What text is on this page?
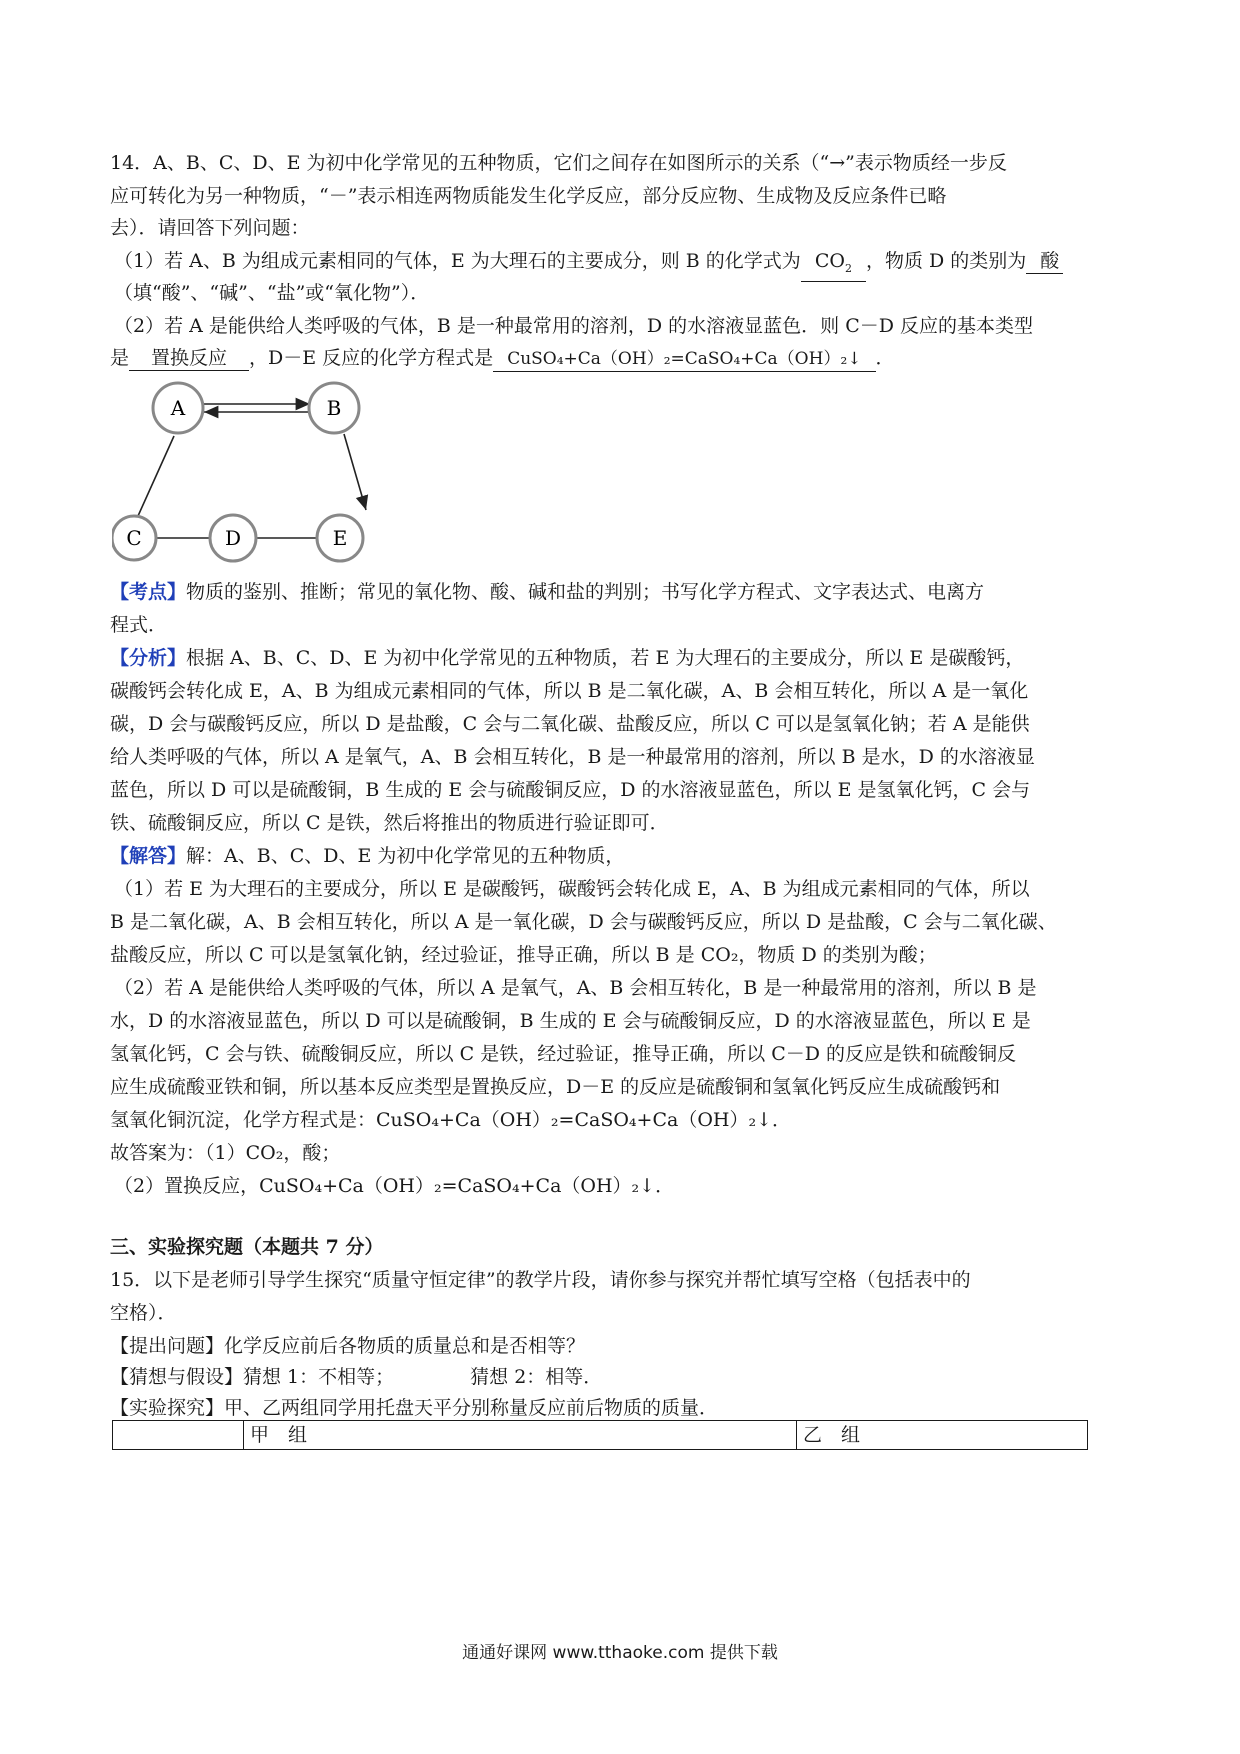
14．A、B、C、D、E 为初中化学常见的五种物质，它们之间存在如图所示的关系（“→”表示物质经一步反
应可转化为另一种物质，“－”表示相连两物质能发生化学反应，部分反应物、生成物及反应条件已略
去）．请回答下列问题：
（1）若 A、B 为组成元素相同的气体，E 为大理石的主要成分，则 B 的化学式为 $CO_2$ ，物质 D 的类别为 酸
（填“酸”、“碱”、“盐”或“氧化物”）．
（2）若 A 是能供给人类呼吸的气体，B 是一种最常用的溶剂，D 的水溶液显蓝色．则 C－D 反应的基本类型
是 置换反应 ，D－E 反应的化学方程式是 CuSO₄+Ca（OH）₂=CaSO₄+Ca（OH）₂↓ ．
A	B
C	D	E
【考点】物质的鉴别、推断；常见的氧化物、酸、碱和盐的判别；书写化学方程式、文字表达式、电离方
程式．
【分析】根据 A、B、C、D、E 为初中化学常见的五种物质，若 E 为大理石的主要成分，所以 E 是碳酸钙，
碳酸钙会转化成 E，A、B 为组成元素相同的气体，所以 B 是二氧化碳，A、B 会相互转化，所以 A 是一氧化
碳，D 会与碳酸钙反应，所以 D 是盐酸，C 会与二氧化碳、盐酸反应，所以 C 可以是氢氧化钠；若 A 是能供
给人类呼吸的气体，所以 A 是氧气，A、B 会相互转化，B 是一种最常用的溶剂，所以 B 是水，D 的水溶液显
蓝色，所以 D 可以是硫酸铜，B 生成的 E 会与硫酸铜反应，D 的水溶液显蓝色，所以 E 是氢氧化钙，C 会与
铁、硫酸铜反应，所以 C 是铁，然后将推出的物质进行验证即可．
【解答】解：A、B、C、D、E 为初中化学常见的五种物质，
（1）若 E 为大理石的主要成分，所以 E 是碳酸钙，碳酸钙会转化成 E，A、B 为组成元素相同的气体，所以
B 是二氧化碳，A、B 会相互转化，所以 A 是一氧化碳，D 会与碳酸钙反应，所以 D 是盐酸，C 会与二氧化碳、
盐酸反应，所以 C 可以是氢氧化钠，经过验证，推导正确，所以 B 是 CO₂，物质 D 的类别为酸；
（2）若 A 是能供给人类呼吸的气体，所以 A 是氧气，A、B 会相互转化，B 是一种最常用的溶剂，所以 B 是
水，D 的水溶液显蓝色，所以 D 可以是硫酸铜，B 生成的 E 会与硫酸铜反应，D 的水溶液显蓝色，所以 E 是
氢氧化钙，C 会与铁、硫酸铜反应，所以 C 是铁，经过验证，推导正确，所以 C－D 的反应是铁和硫酸铜反
应生成硫酸亚铁和铜，所以基本反应类型是置换反应，D－E 的反应是硫酸铜和氢氧化钙反应生成硫酸钙和
氢氧化铜沉淀，化学方程式是：CuSO₄+Ca（OH）₂=CaSO₄+Ca（OH）₂↓．
故答案为：（1）CO₂，酸；
（2）置换反应，CuSO₄+Ca（OH）₂=CaSO₄+Ca（OH）₂↓．
三、实验探究题（本题共 7 分）
15．以下是老师引导学生探究“质量守恒定律”的教学片段，请你参与探究并帮忙填写空格（包括表中的
空格）．
【提出问题】化学反应前后各物质的质量总和是否相等？
【猜想与假设】猜想 1：不相等；	猜想 2：相等．
【实验探究】甲、乙两组同学用托盘天平分别称量反应前后物质的质量．
	甲　组	乙　组
通通好课网 www.tthaoke.com 提供下载
